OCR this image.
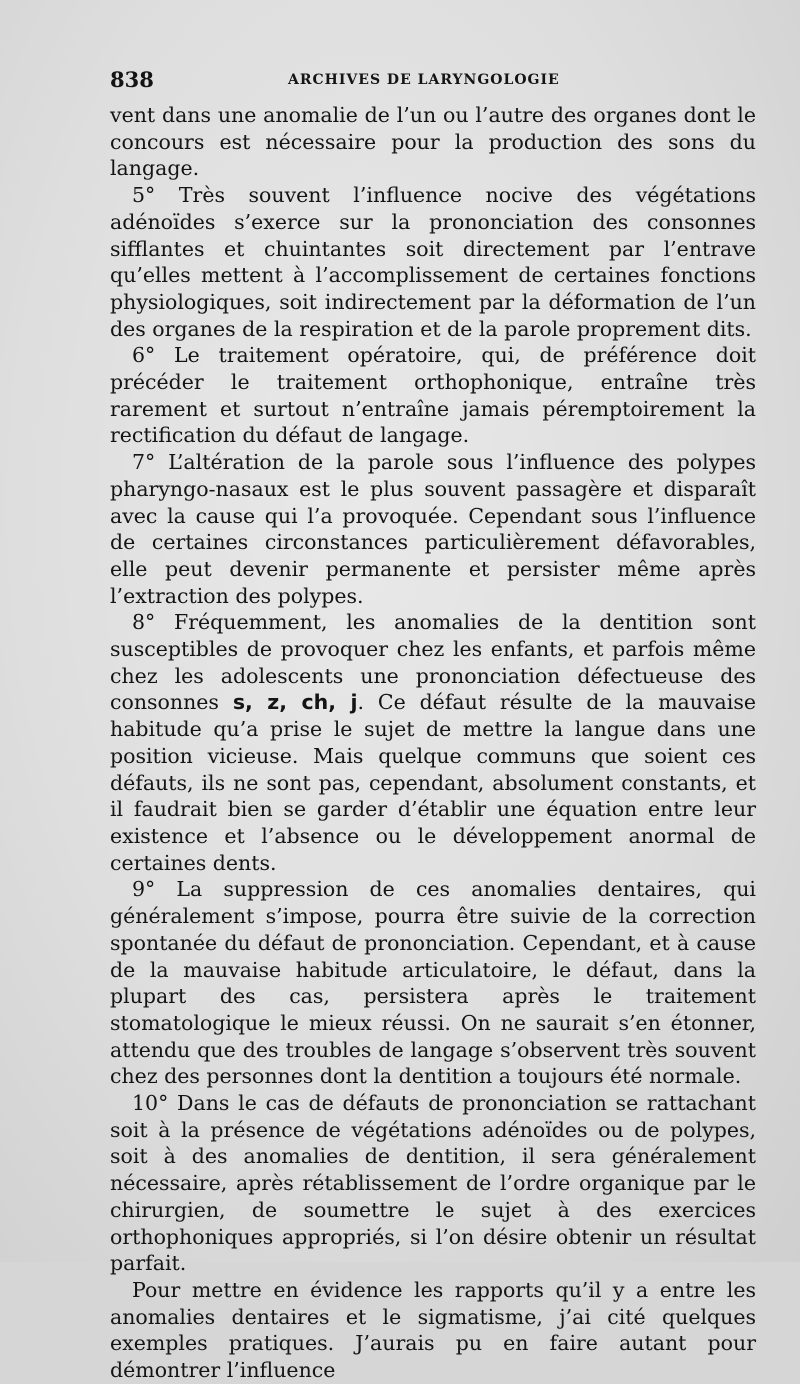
838	ARCHIVES DE LARYNGOLOGIE

vent dans une anomalie de l’un ou l’autre des organes dont le concours est nécessaire pour la production des sons du langage.

5° Très souvent l’influence nocive des végétations adénoïdes s’exerce sur la prononciation des consonnes sifflantes et chuintantes soit directement par l’entrave qu’elles mettent à l’accomplissement de certaines fonctions physiologiques, soit indirectement par la déformation de l’un des organes de la respiration et de la parole proprement dits.

6° Le traitement opératoire, qui, de préférence doit précéder le traitement orthophonique, entraîne très rarement et surtout n’entraîne jamais péremptoirement la rectification du défaut de langage.

7° L’altération de la parole sous l’influence des polypes pharyngo-nasaux est le plus souvent passagère et disparaît avec la cause qui l’a provoquée. Cependant sous l’influence de certaines circonstances particulièrement défavorables, elle peut devenir permanente et persister même après l’extraction des polypes.

8° Fréquemment, les anomalies de la dentition sont susceptibles de provoquer chez les enfants, et parfois même chez les adolescents une prononciation défectueuse des consonnes s, z, ch, j. Ce défaut résulte de la mauvaise habitude qu’a prise le sujet de mettre la langue dans une position vicieuse. Mais quelque communs que soient ces défauts, ils ne sont pas, cependant, absolument constants, et il faudrait bien se garder d’établir une équation entre leur existence et l’absence ou le développement anormal de certaines dents.

9° La suppression de ces anomalies dentaires, qui généralement s’impose, pourra être suivie de la correction spontanée du défaut de prononciation. Cependant, et à cause de la mauvaise habitude articulatoire, le défaut, dans la plupart des cas, persistera après le traitement stomatologique le mieux réussi. On ne saurait s’en étonner, attendu que des troubles de langage s’observent très souvent chez des personnes dont la dentition a toujours été normale.

10° Dans le cas de défauts de prononciation se rattachant soit à la présence de végétations adénoïdes ou de polypes, soit à des anomalies de dentition, il sera généralement nécessaire, après rétablissement de l’ordre organique par le chirurgien, de soumettre le sujet à des exercices orthophoniques appropriés, si l’on désire obtenir un résultat parfait.

Pour mettre en évidence les rapports qu’il y a entre les anomalies dentaires et le sigmatisme, j’ai cité quelques exemples pratiques. J’aurais pu en faire autant pour démontrer l’influence
